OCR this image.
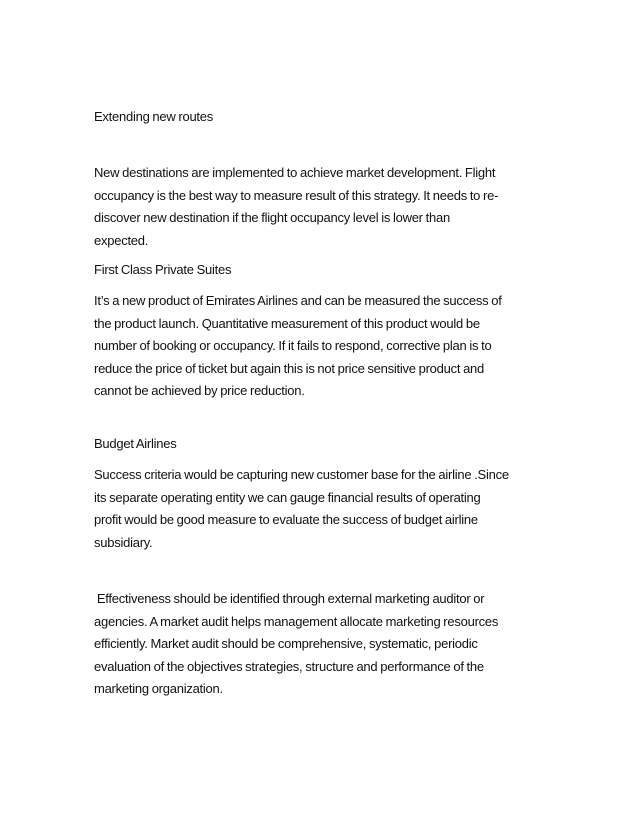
Extending new routes

New destinations are implemented to achieve market development. Flight
occupancy is the best way to measure result of this strategy. It needs to re-
discover new destination if the flight occupancy level is lower than
expected.

First Class Private Suites

It’s a new product of Emirates Airlines and can be measured the success of
the product launch. Quantitative measurement of this product would be
number of booking or occupancy. If it fails to respond, corrective plan is to
reduce the price of ticket but again this is not price sensitive product and
cannot be achieved by price reduction.

Budget Airlines

Success criteria would be capturing new customer base for the airline .Since
its separate operating entity we can gauge financial results of operating
profit would be good measure to evaluate the success of budget airline
subsidiary.

Effectiveness should be identified through external marketing auditor or
agencies. A market audit helps management allocate marketing resources
efficiently. Market audit should be comprehensive, systematic, periodic
evaluation of the objectives strategies, structure and performance of the
marketing organization.
